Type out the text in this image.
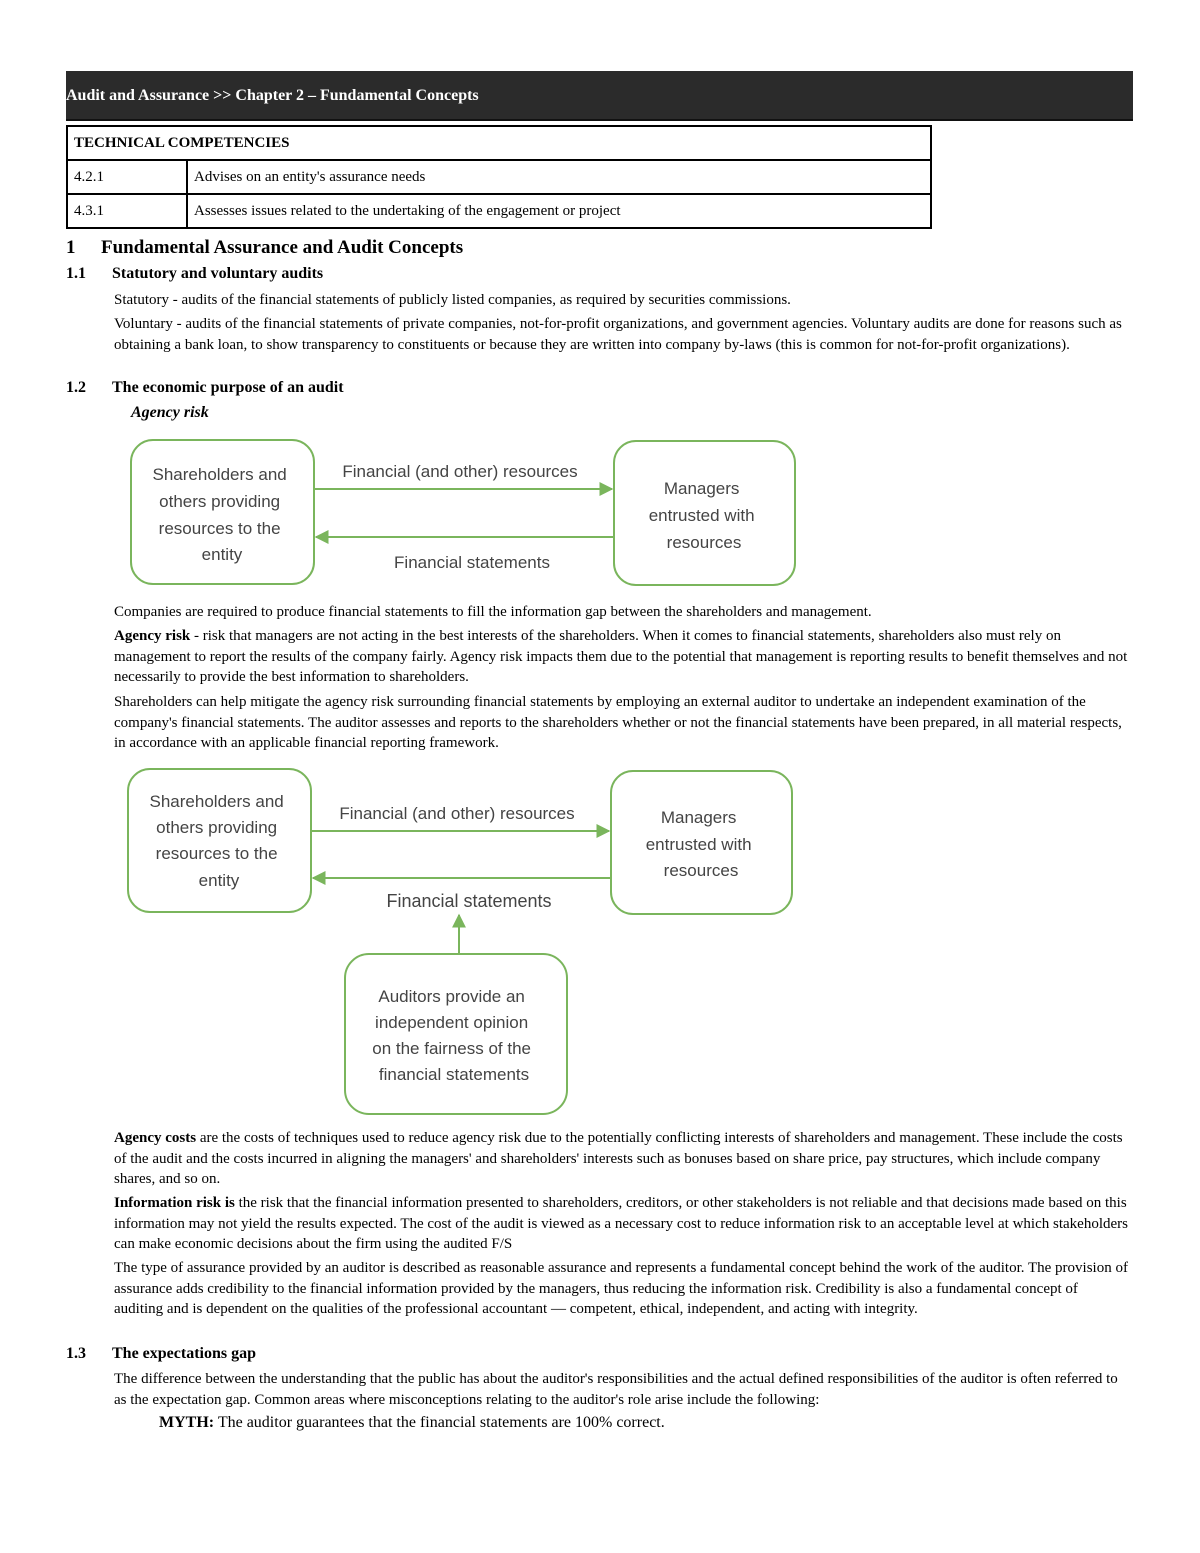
Audit and Assurance >> Chapter 2 – Fundamental Concepts
TECHNICAL COMPETENCIES	
4.2.1	Advises on an entity's assurance needs
4.3.1	Assesses issues related to the undertaking of the engagement or project
1 Fundamental Assurance and Audit Concepts
1.1 Statutory and voluntary audits
Statutory - audits of the financial statements of publicly listed companies, as required by securities commissions.
Voluntary - audits of the financial statements of private companies, not-for-profit organizations, and government agencies. Voluntary audits are done for reasons such as obtaining a bank loan, to show transparency to constituents or because they are written into company by-laws (this is common for not-for-profit organizations).
1.2 The economic purpose of an audit
Agency risk
Shareholders and others providing resources to the entity
Managers entrusted with resources
Financial (and other) resources
Financial statements
Shareholders and others providing resources to the entity
Managers entrusted with resources
Financial (and other) resources
Financial statements
Auditors provide an independent opinion on the fairness of the financial statements
Companies are required to produce financial statements to fill the information gap between the shareholders and management.
Agency risk - risk that managers are not acting in the best interests of the shareholders. When it comes to financial statements, shareholders also must rely on management to report the results of the company fairly. Agency risk impacts them due to the potential that management is reporting results to benefit themselves and not necessarily to provide the best information to shareholders.
Shareholders can help mitigate the agency risk surrounding financial statements by employing an external auditor to undertake an independent examination of the company's financial statements. The auditor assesses and reports to the shareholders whether or not the financial statements have been prepared, in all material respects, in accordance with an applicable financial reporting framework.
Agency costs are the costs of techniques used to reduce agency risk due to the potentially conflicting interests of shareholders and management. These include the costs of the audit and the costs incurred in aligning the managers' and shareholders' interests such as bonuses based on share price, pay structures, which include company shares, and so on.
Information risk is the risk that the financial information presented to shareholders, creditors, or other stakeholders is not reliable and that decisions made based on this information may not yield the results expected. The cost of the audit is viewed as a necessary cost to reduce information risk to an acceptable level at which stakeholders can make economic decisions about the firm using the audited F/S
The type of assurance provided by an auditor is described as reasonable assurance and represents a fundamental concept behind the work of the auditor. The provision of assurance adds credibility to the financial information provided by the managers, thus reducing the information risk. Credibility is also a fundamental concept of auditing and is dependent on the qualities of the professional accountant — competent, ethical, independent, and acting with integrity.
1.3 The expectations gap
The difference between the understanding that the public has about the auditor's responsibilities and the actual defined responsibilities of the auditor is often referred to as the expectation gap. Common areas where misconceptions relating to the auditor's role arise include the following:
MYTH: The auditor guarantees that the financial statements are 100% correct.
